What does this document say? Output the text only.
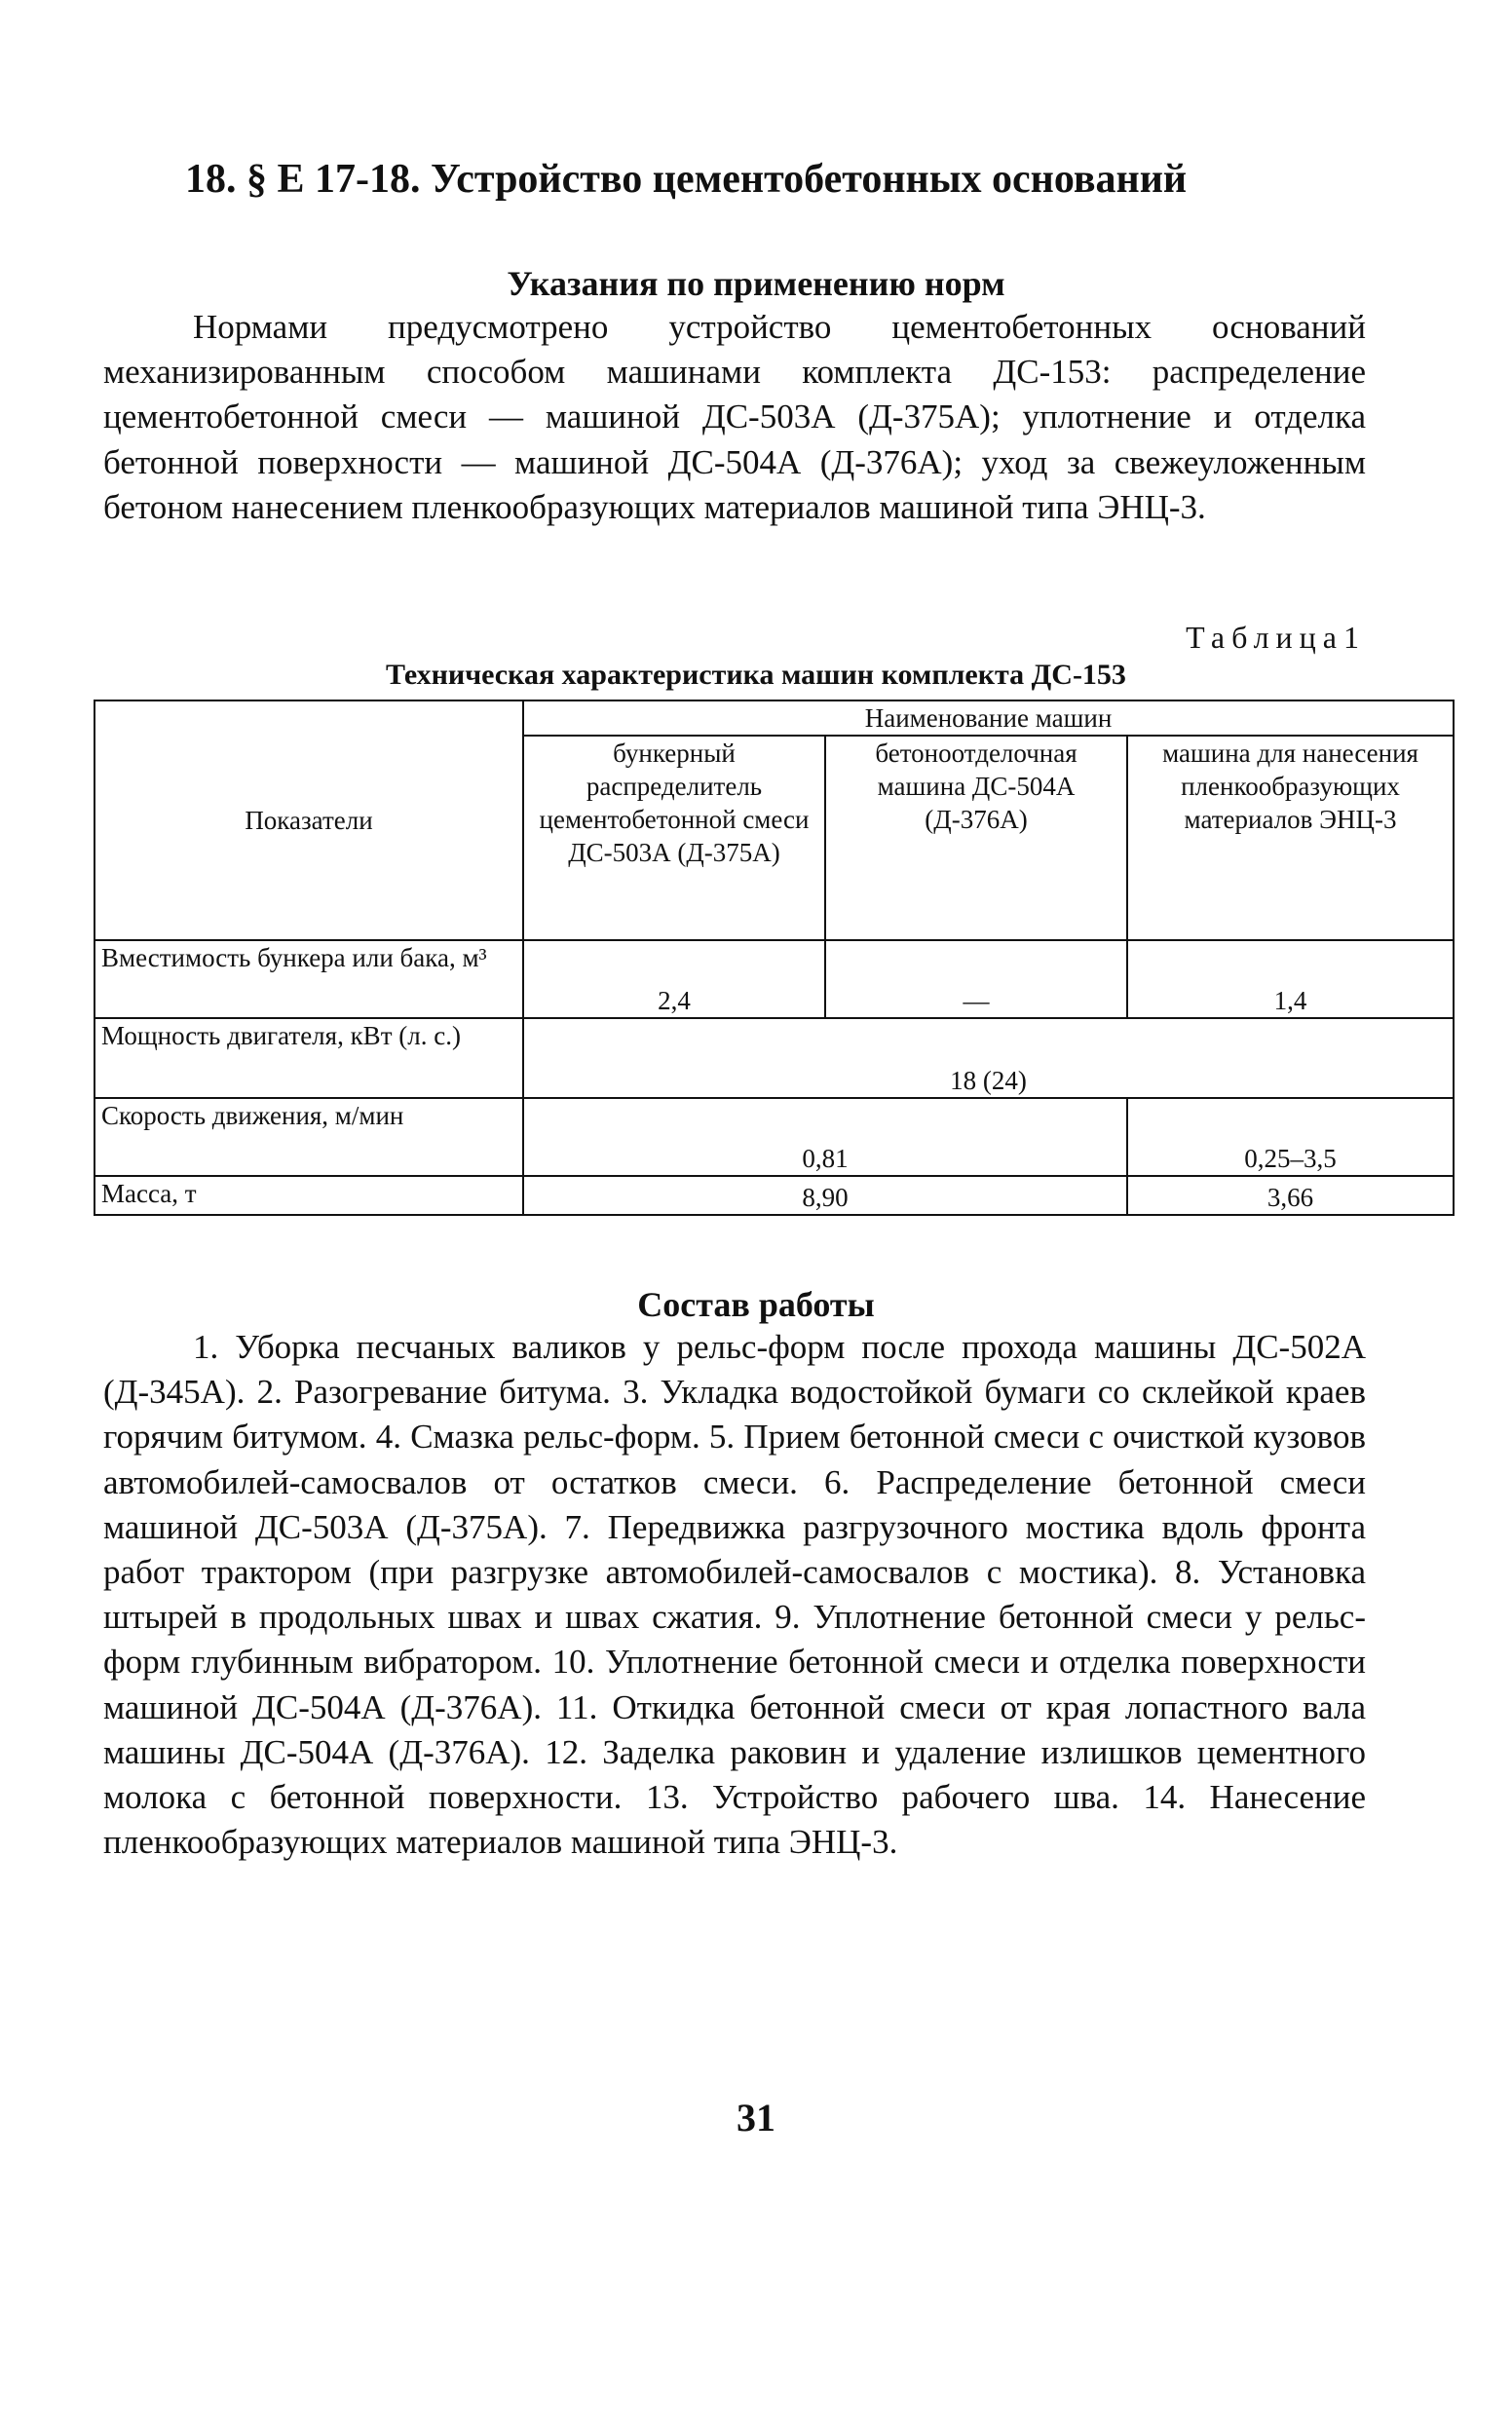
18. § Е 17-18. Устройство цементобетонных оснований
Указания по применению норм

Нормами предусмотрено устройство цементобетонных оснований механизированным способом машинами комплекта ДС-153: распределение цементобетонной смеси — машиной ДС-503А (Д-375А); уплотнение и отделка бетонной поверхности — машиной ДС-504А (Д-376А); уход за свежеуложенным бетоном нанесением пленкообразующих материалов машиной типа ЭНЦ-3.

Таблица1
Техническая характеристика машин комплекта ДС-153
Показатели	Наименование машин		
	бункерный распределитель цементобетонной смеси ДС-503А (Д-375А)	бетоноотделочная машина ДС-504А (Д-376А)	машина для нанесения пленкообразующих материалов ЭНЦ-3
Вместимость бункера или бака, м³	2,4	—	1,4
Мощность двигателя, кВт (л. с.)	18 (24)		
Скорость движения, м/мин	0,81		0,25–3,5
Масса, т	8,90		3,66
Состав работы

1. Уборка песчаных валиков у рельс-форм после прохода машины ДС-502А (Д-345А). 2. Разогревание битума. 3. Укладка водостойкой бумаги со склейкой краев горячим битумом. 4. Смазка рельс-форм. 5. Прием бетонной смеси с очисткой кузовов автомобилей-самосвалов от остатков смеси. 6. Распределение бетонной смеси машиной ДС-503А (Д-375А). 7. Передвижка разгрузочного мостика вдоль фронта работ трактором (при разгрузке автомобилей-самосвалов с мостика). 8. Установка штырей в продольных швах и швах сжатия. 9. Уплотнение бетонной смеси у рельс-форм глубинным вибратором. 10. Уплотнение бетонной смеси и отделка поверхности машиной ДС-504А (Д-376А). 11. Откидка бетонной смеси от края лопастного вала машины ДС-504А (Д-376А). 12. Заделка раковин и удаление излишков цементного молока с бетонной поверхности. 13. Устройство рабочего шва. 14. Нанесение пленкообразующих материалов машиной типа ЭНЦ-3.

31
